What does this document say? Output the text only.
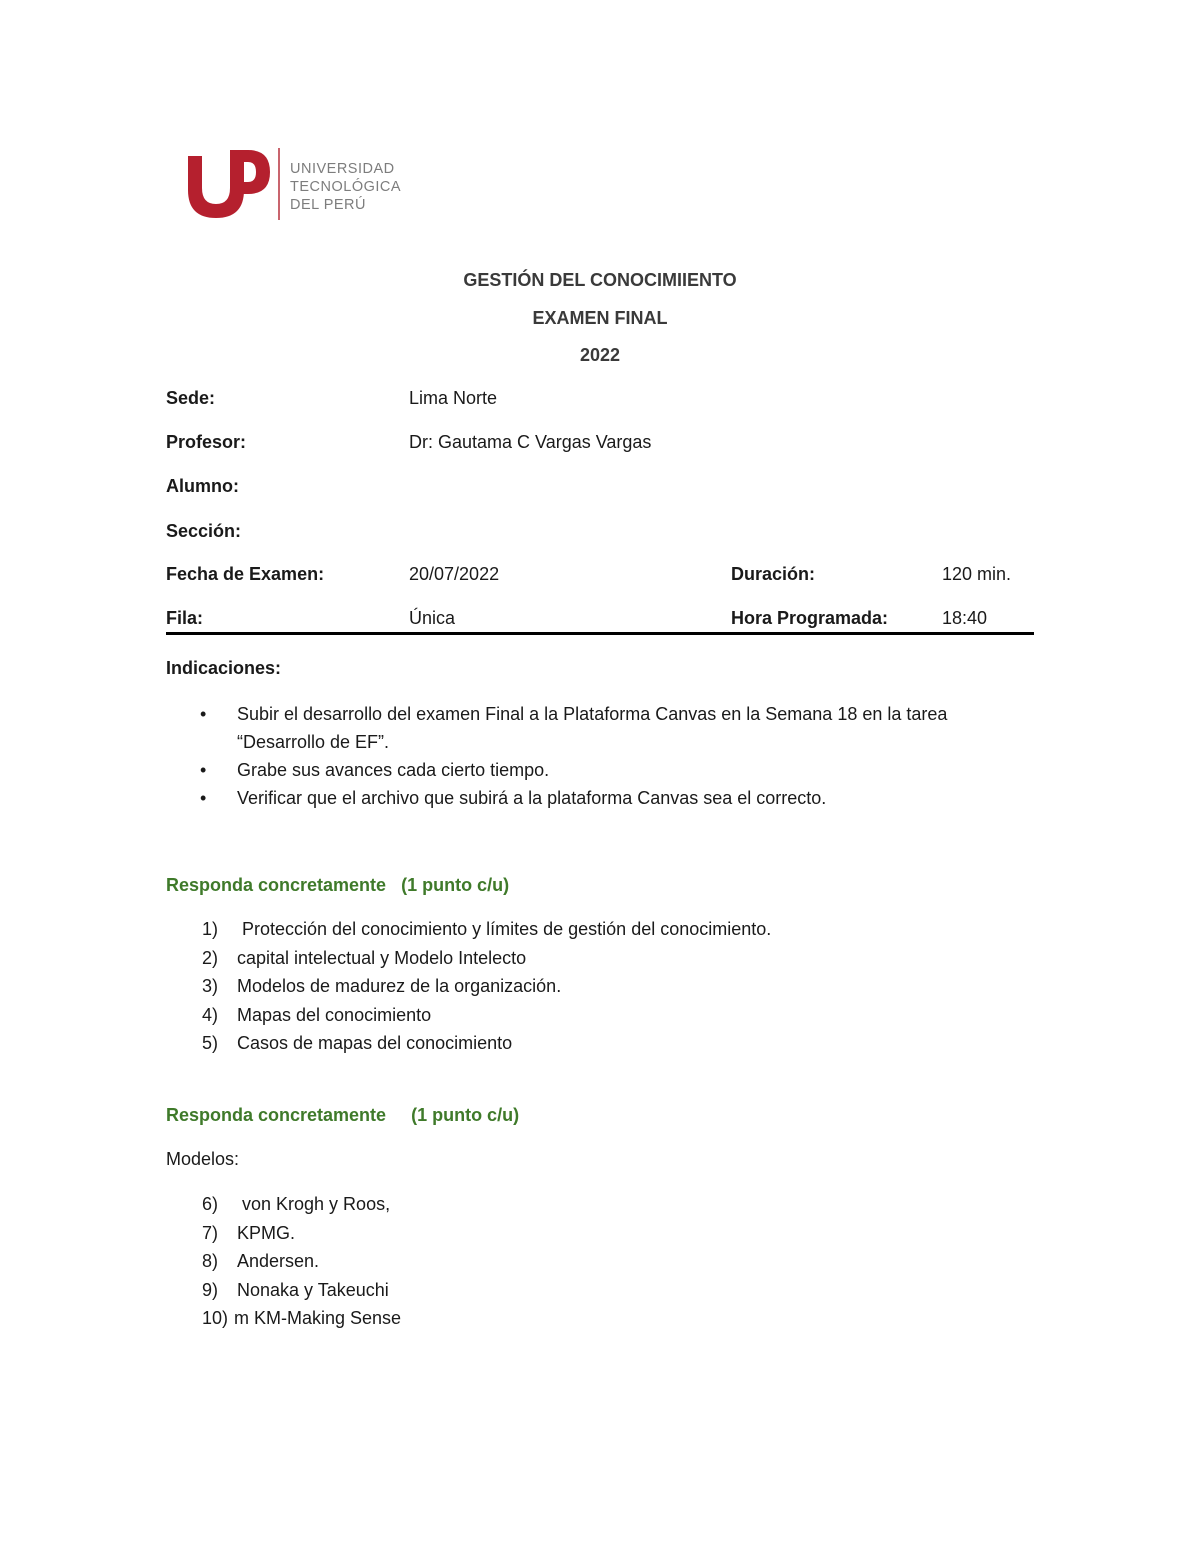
UNIVERSIDAD
TECNOLÓGICA
DEL PERÚ
GESTIÓN DEL CONOCIMIIENTO
EXAMEN FINAL
2022
Sede:	Lima Norte
Profesor:	Dr: Gautama C Vargas Vargas
Alumno:
Sección:
Fecha de Examen:	20/07/2022	Duración:	120 min.
Fila:	Única	Hora Programada:	18:40
Indicaciones:
• Subir el desarrollo del examen Final a la Plataforma Canvas en la Semana 18 en la tarea “Desarrollo de EF”.
• Grabe sus avances cada cierto tiempo.
• Verificar que el archivo que subirá a la plataforma Canvas sea el correcto.
Responda concretamente (1 punto c/u)
1) Protección del conocimiento y límites de gestión del conocimiento.
2) capital intelectual y Modelo Intelecto
3) Modelos de madurez de la organización.
4) Mapas del conocimiento
5) Casos de mapas del conocimiento
Responda concretamente (1 punto c/u)
Modelos:
6) von Krogh y Roos,
7) KPMG.
8) Andersen.
9) Nonaka y Takeuchi
10) m KM-Making Sense
